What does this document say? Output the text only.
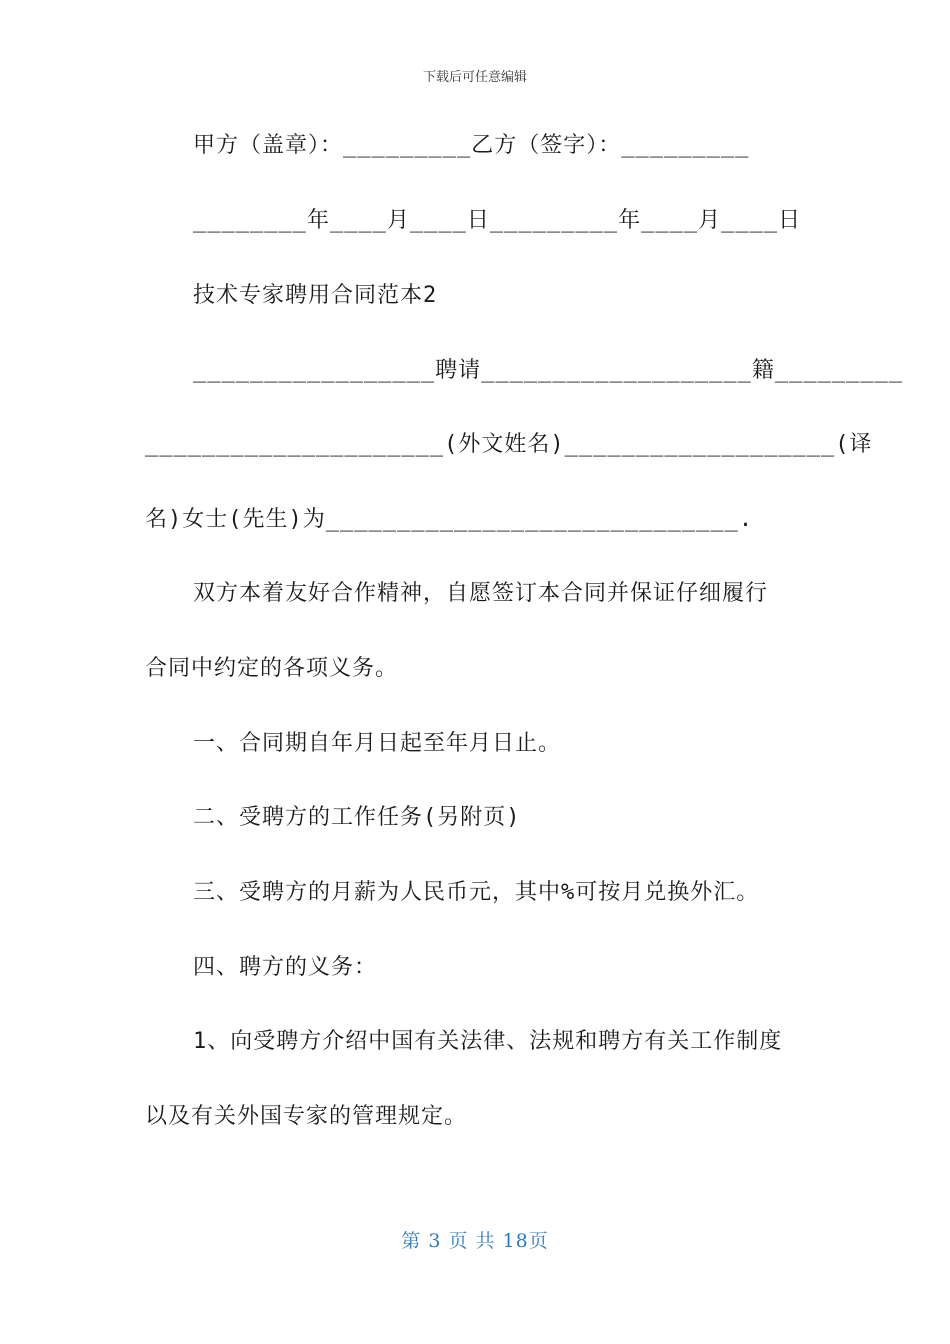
下载后可任意编辑
甲方（盖章）：_________乙方（签字）：_________
________年____月____日_________年____月____日
技术专家聘用合同范本2
_________________聘请___________________籍_________
_____________________(外文姓名)___________________(译
名)女士(先生)为_____________________________.
双方本着友好合作精神，自愿签订本合同并保证仔细履行
合同中约定的各项义务。
一、合同期自年月日起至年月日止。
二、受聘方的工作任务(另附页)
三、受聘方的月薪为人民币元，其中%可按月兑换外汇。
四、聘方的义务：
1、向受聘方介绍中国有关法律、法规和聘方有关工作制度
以及有关外国专家的管理规定。
第 3 页 共 18页
